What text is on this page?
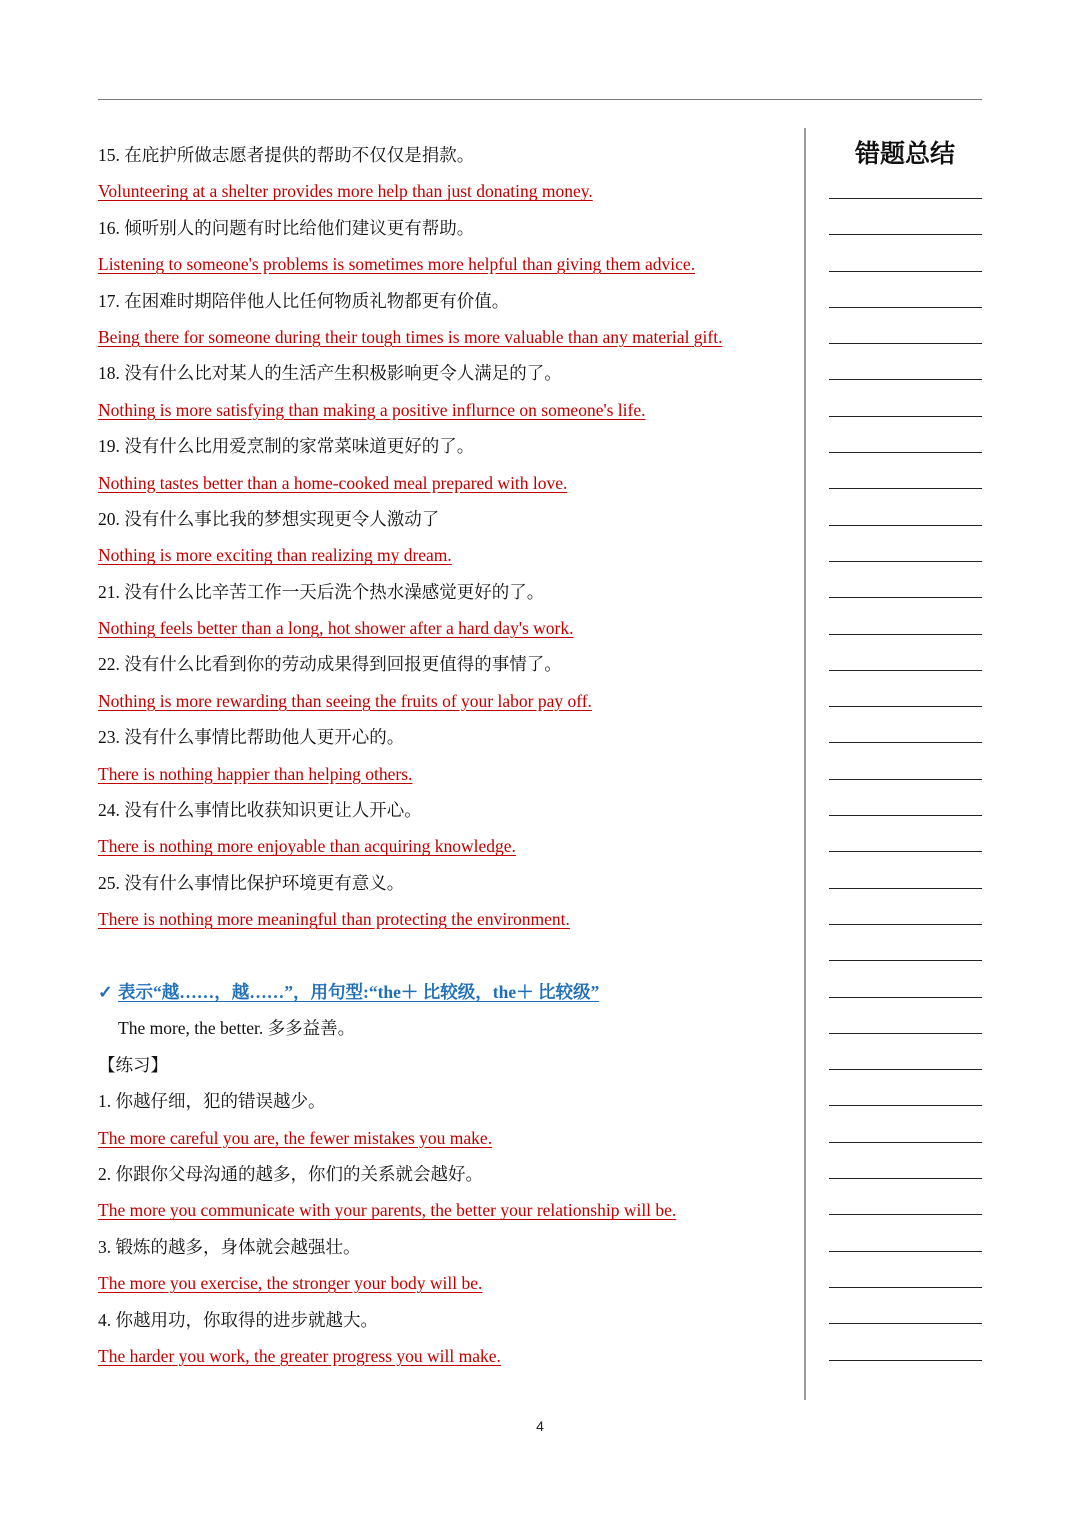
15. 在庇护所做志愿者提供的帮助不仅仅是捐款。
Volunteering at a shelter provides more help than just donating money.
16. 倾听别人的问题有时比给他们建议更有帮助。
Listening to someone's problems is sometimes more helpful than giving them advice.
17. 在困难时期陪伴他人比任何物质礼物都更有价值。
Being there for someone during their tough times is more valuable than any material gift.
18. 没有什么比对某人的生活产生积极影响更令人满足的了。
Nothing is more satisfying than making a positive influrnce on someone's life.
19. 没有什么比用爱烹制的家常菜味道更好的了。
Nothing tastes better than a home-cooked meal prepared with love.
20. 没有什么事比我的梦想实现更令人激动了
Nothing is more exciting than realizing my dream.
21. 没有什么比辛苦工作一天后洗个热水澡感觉更好的了。
Nothing feels better than a long, hot shower after a hard day's work.
22. 没有什么比看到你的劳动成果得到回报更值得的事情了。
Nothing is more rewarding than seeing the fruits of your labor pay off.
23. 没有什么事情比帮助他人更开心的。
There is nothing happier than helping others.
24. 没有什么事情比收获知识更让人开心。
There is nothing more enjoyable than acquiring knowledge.
25. 没有什么事情比保护环境更有意义。
There is nothing more meaningful than protecting the environment.
✓ 表示“越……，越……”，用句型:“the＋ 比较级，the＋ 比较级”
The more, the better. 多多益善。
【练习】
1. 你越仔细，犯的错误越少。
The more careful you are, the fewer mistakes you make.
2. 你跟你父母沟通的越多，你们的关系就会越好。
The more you communicate with your parents, the better your relationship will be.
3. 锻炼的越多，身体就会越强壮。
The more you exercise, the stronger your body will be.
4. 你越用功，你取得的进步就越大。
The harder you work, the greater progress you will make.
错题总结
4
